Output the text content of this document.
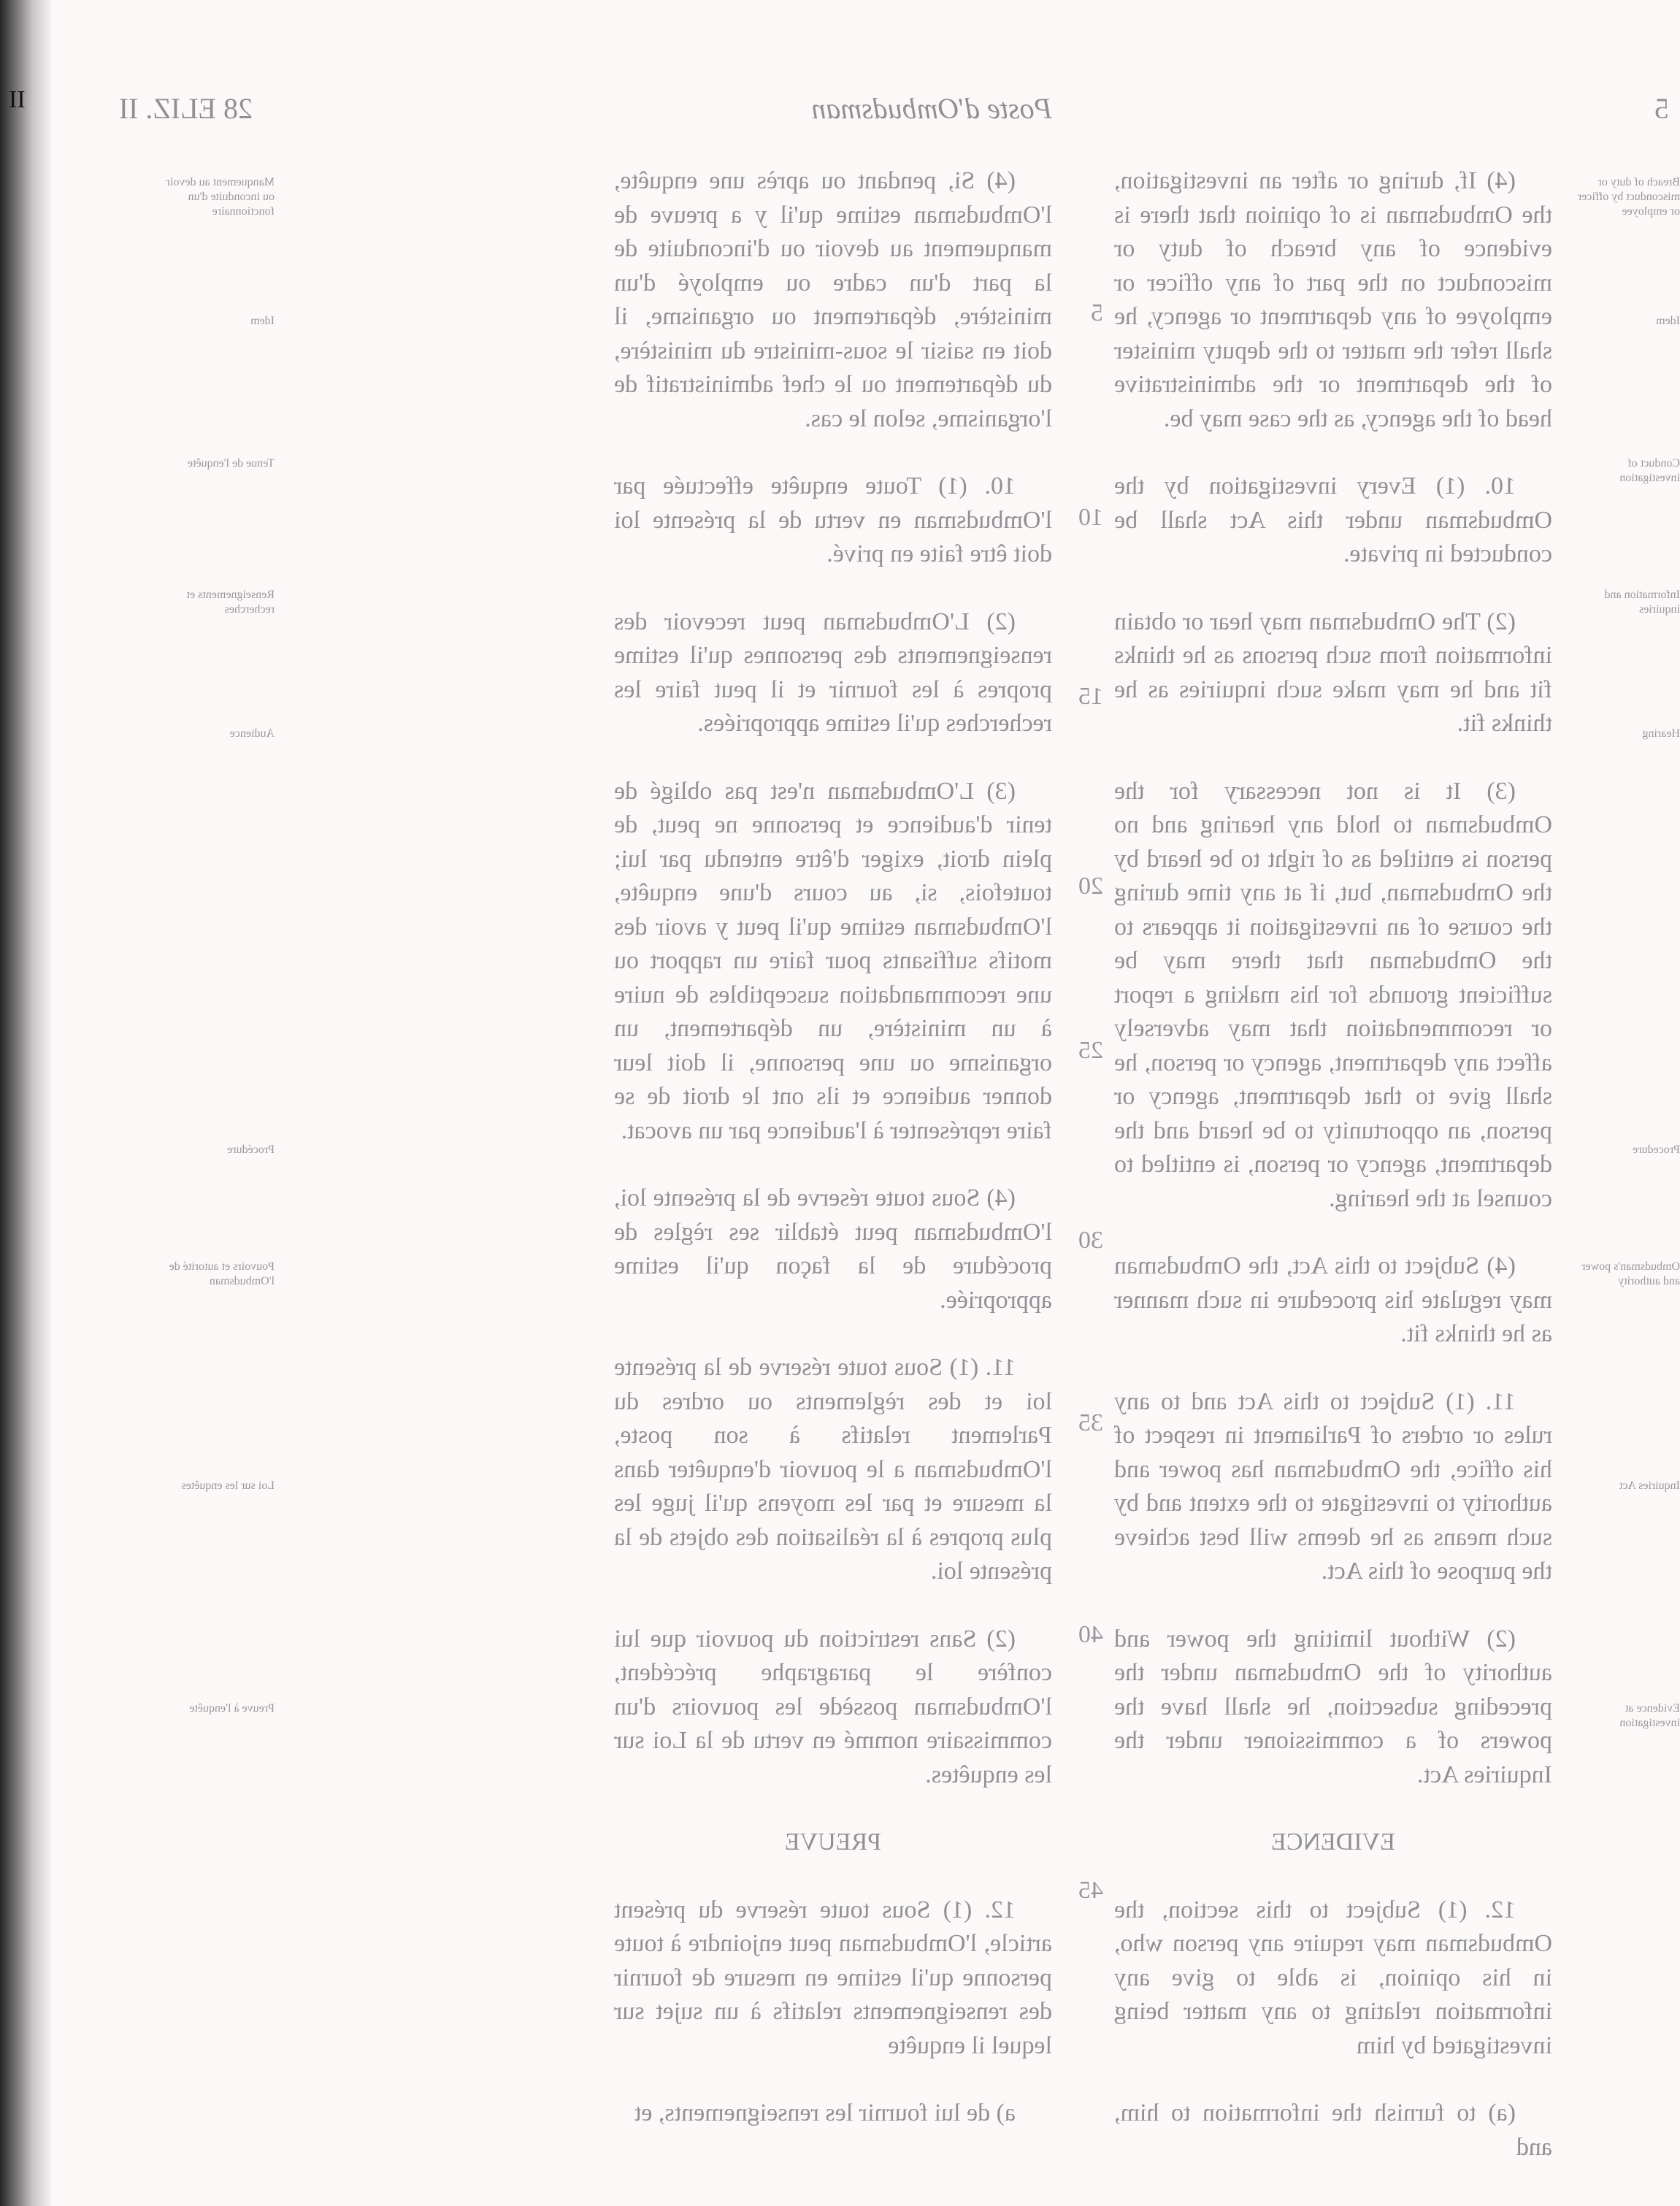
II	5
Poste d'Ombudsman
28 ELIZ. II
Breach of duty or misconduct by officer or employee
Idem
Conduct of investigation
Information and inquiries
Hearing
Procedure
Ombudsman's power and authority
Inquiries Act
Evidence at investigation

(4) If, during or after an investigation, the Ombudsman is of opinion that there is evidence of any breach of duty or misconduct on the part of any officer or employee of any department or agency, he shall refer the matter to the deputy minister of the department or the administrative head of the agency, as the case may be.

10. (1) Every investigation by the Ombudsman under this Act shall be conducted in private.

(2) The Ombudsman may hear or obtain information from such persons as he thinks fit and he may make such inquiries as he thinks fit.

(3) It is not necessary for the Ombudsman to hold any hearing and no person is entitled as of right to be heard by the Ombudsman, but, if at any time during the course of an investigation it appears to the Ombudsman that there may be sufficient grounds for his making a report or recommendation that may adversely affect any department, agency or person, he shall give to that department, agency or person, an opportunity to be heard and the department, agency or person, is entitled to counsel at the hearing.

(4) Subject to this Act, the Ombudsman may regulate his procedure in such manner as he thinks fit.

11. (1) Subject to this Act and to any rules or orders of Parliament in respect of his office, the Ombudsman has power and authority to investigate to the extent and by such means as he deems will best achieve the purpose of this Act.

(2) Without limiting the power and authority of the Ombudsman under the preceding subsection, he shall have the powers of a commissioner under the Inquiries Act.

EVIDENCE

12. (1) Subject to this section, the Ombudsman may require any person who, in his opinion, is able to give any information relating to any matter being investigated by him

(a) to furnish the information to him, and

5
10
15
20
25
30
35
40
45

(4) Si, pendant ou après une enquête, l'Ombudsman estime qu'il y a preuve de manquement au devoir ou d'inconduite de la part d'un cadre ou employé d'un ministère, département ou organisme, il doit en saisir le sous-ministre du ministère, du département ou le chef administratif de l'organisme, selon le cas.

10. (1) Toute enquête effectuée par l'Ombudsman en vertu de la présente loi doit être faite en privé.

(2) L'Ombudsman peut recevoir des renseignements des personnes qu'il estime propres à les fournir et il peut faire les recherches qu'il estime appropriées.

(3) L'Ombudsman n'est pas obligé de tenir d'audience et personne ne peut, de plein droit, exiger d'être entendu par lui; toutefois, si, au cours d'une enquête, l'Ombudsman estime qu'il peut y avoir des motifs suffisants pour faire un rapport ou une recommandation susceptibles de nuire à un ministère, un département, un organisme ou une personne, il doit leur donner audience et ils ont le droit de se faire représenter à l'audience par un avocat.

(4) Sous toute réserve de la présente loi, l'Ombudsman peut établir ses règles de procédure de la façon qu'il estime appropriée.

11. (1) Sous toute réserve de la présente loi et des règlements ou ordres du Parlement relatifs à son poste, l'Ombudsman a le pouvoir d'enquêter dans la mesure et par les moyens qu'il juge les plus propres à la réalisation des objets de la présente loi.

(2) Sans restriction du pouvoir que lui confère le paragraphe précédent, l'Ombudsman possède les pouvoirs d'un commissaire nommé en vertu de la Loi sur les enquêtes.

PREUVE

12. (1) Sous toute réserve du présent article, l'Ombudsman peut enjoindre à toute personne qu'il estime en mesure de fournir des renseignements relatifs à un sujet sur lequel il enquête

a) de lui fournir les renseignements, et

Manquement au devoir ou inconduite d'un fonctionnaire
Idem
Tenue de l'enquête
Renseignements et recherches
Audience
Procédure
Pouvoirs et autorité de l'Ombudsman
Loi sur les enquêtes
Preuve à l'enquête
